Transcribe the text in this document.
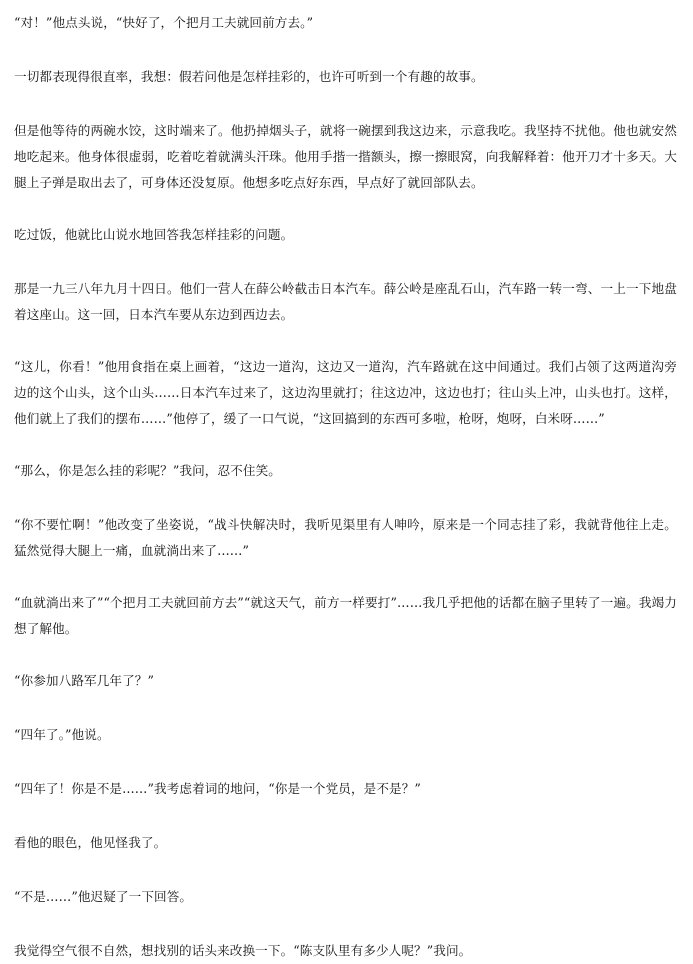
“对！”他点头说，“快好了，个把月工夫就回前方去。”

一切都表现得很直率，我想：假若问他是怎样挂彩的，也许可听到一个有趣的故事。

但是他等待的两碗水饺，这时端来了。他扔掉烟头子，就将一碗摆到我这边来，示意我吃。我坚持不扰他。他也就安然地吃起来。他身体很虚弱，吃着吃着就满头汗珠。他用手揩一揩额头，擦一擦眼窝，向我解释着：他开刀才十多天。大腿上子弹是取出去了，可身体还没复原。他想多吃点好东西，早点好了就回部队去。

吃过饭，他就比山说水地回答我怎样挂彩的问题。

那是一九三八年九月十四日。他们一营人在薛公岭截击日本汽车。薛公岭是座乱石山，汽车路一转一弯、一上一下地盘着这座山。这一回，日本汽车要从东边到西边去。

“这儿，你看！”他用食指在桌上画着，“这边一道沟，这边又一道沟，汽车路就在这中间通过。我们占领了这两道沟旁边的这个山头，这个山头……日本汽车过来了，这边沟里就打；往这边冲，这边也打；往山头上冲，山头也打。这样，他们就上了我们的摆布……”他停了，缓了一口气说，“这回搞到的东西可多啦，枪呀，炮呀，白米呀……”

“那么，你是怎么挂的彩呢？”我问，忍不住笑。

“你不要忙啊！”他改变了坐姿说，“战斗快解决时，我听见渠里有人呻吟，原来是一个同志挂了彩，我就背他往上走。猛然觉得大腿上一痛，血就淌出来了……”

“血就淌出来了”“个把月工夫就回前方去”“就这天气，前方一样要打”……我几乎把他的话都在脑子里转了一遍。我竭力想了解他。

“你参加八路军几年了？”

“四年了。”他说。

“四年了！你是不是……”我考虑着词的地问，“你是一个党员，是不是？”

看他的眼色，他见怪我了。

“不是……”他迟疑了一下回答。

我觉得空气很不自然，想找别的话头来改换一下。“陈支队里有多少人呢？”我问。
